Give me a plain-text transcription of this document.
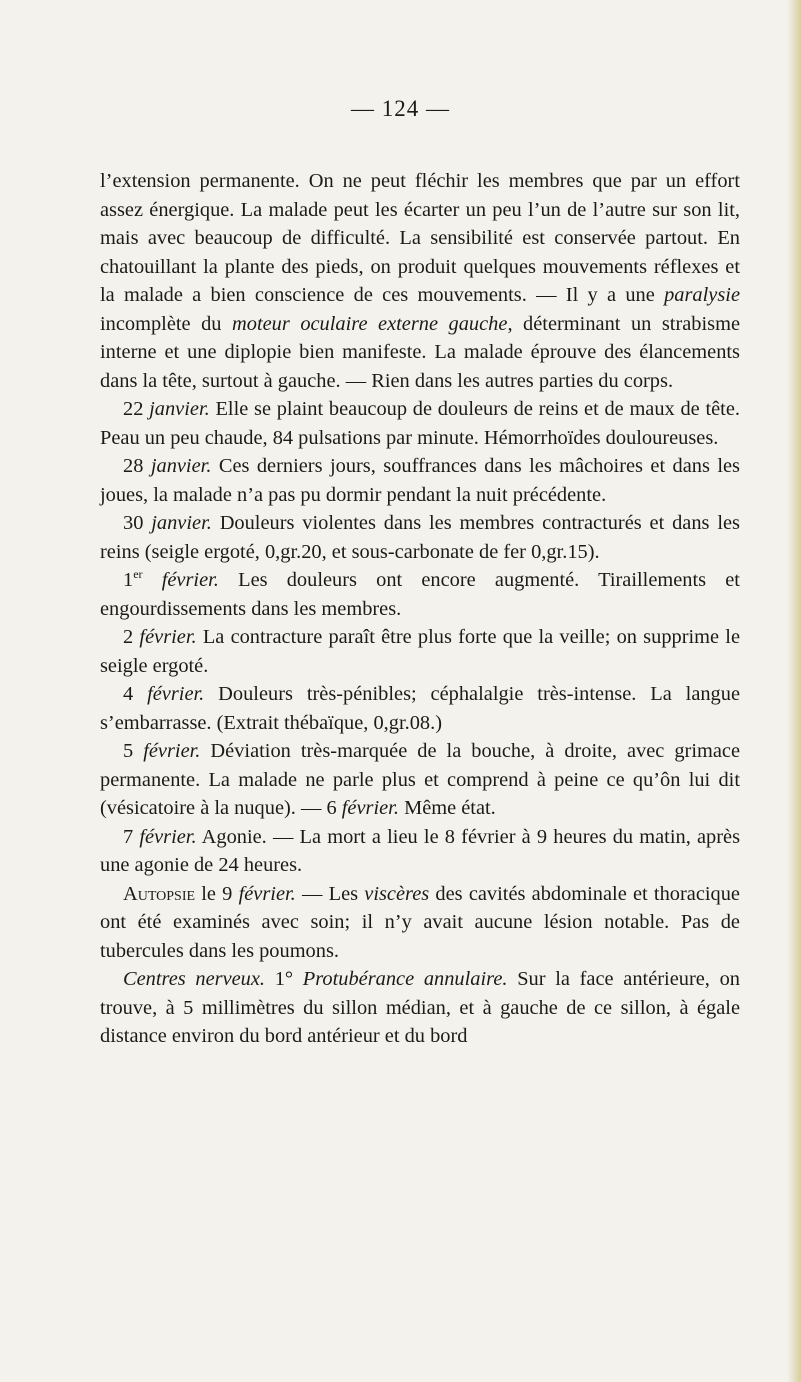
— 124 —

l’extension permanente. On ne peut fléchir les membres que par un effort assez énergique. La malade peut les écarter un peu l’un de l’autre sur son lit, mais avec beaucoup de difficulté. La sensibilité est conservée partout. En chatouillant la plante des pieds, on produit quelques mouvements réflexes et la malade a bien conscience de ces mouvements. — Il y a une paralysie incomplète du moteur oculaire externe gauche, déterminant un strabisme interne et une diplopie bien manifeste. La malade éprouve des élancements dans la tête, surtout à gauche. — Rien dans les autres parties du corps.

22 janvier. Elle se plaint beaucoup de douleurs de reins et de maux de tête. Peau un peu chaude, 84 pulsations par minute. Hémorrhoïdes douloureuses.

28 janvier. Ces derniers jours, souffrances dans les mâchoires et dans les joues, la malade n’a pas pu dormir pendant la nuit précédente.

30 janvier. Douleurs violentes dans les membres contracturés et dans les reins (seigle ergoté, 0,gr.20, et sous-carbonate de fer 0,gr.15).

1er février. Les douleurs ont encore augmenté. Tiraillements et engourdissements dans les membres.

2 février. La contracture paraît être plus forte que la veille; on supprime le seigle ergoté.

4 février. Douleurs très-pénibles; céphalalgie très-intense. La langue s’embarrasse. (Extrait thébaïque, 0,gr.08.)

5 février. Déviation très-marquée de la bouche, à droite, avec grimace permanente. La malade ne parle plus et comprend à peine ce qu’ôn lui dit (vésicatoire à la nuque). — 6 février. Même état.

7 février. Agonie. — La mort a lieu le 8 février à 9 heures du matin, après une agonie de 24 heures.

Autopsie le 9 février. — Les viscères des cavités abdominale et thoracique ont été examinés avec soin; il n’y avait aucune lésion notable. Pas de tubercules dans les poumons.

Centres nerveux. 1° Protubérance annulaire. Sur la face antérieure, on trouve, à 5 millimètres du sillon médian, et à gauche de ce sillon, à égale distance environ du bord antérieur et du bord
